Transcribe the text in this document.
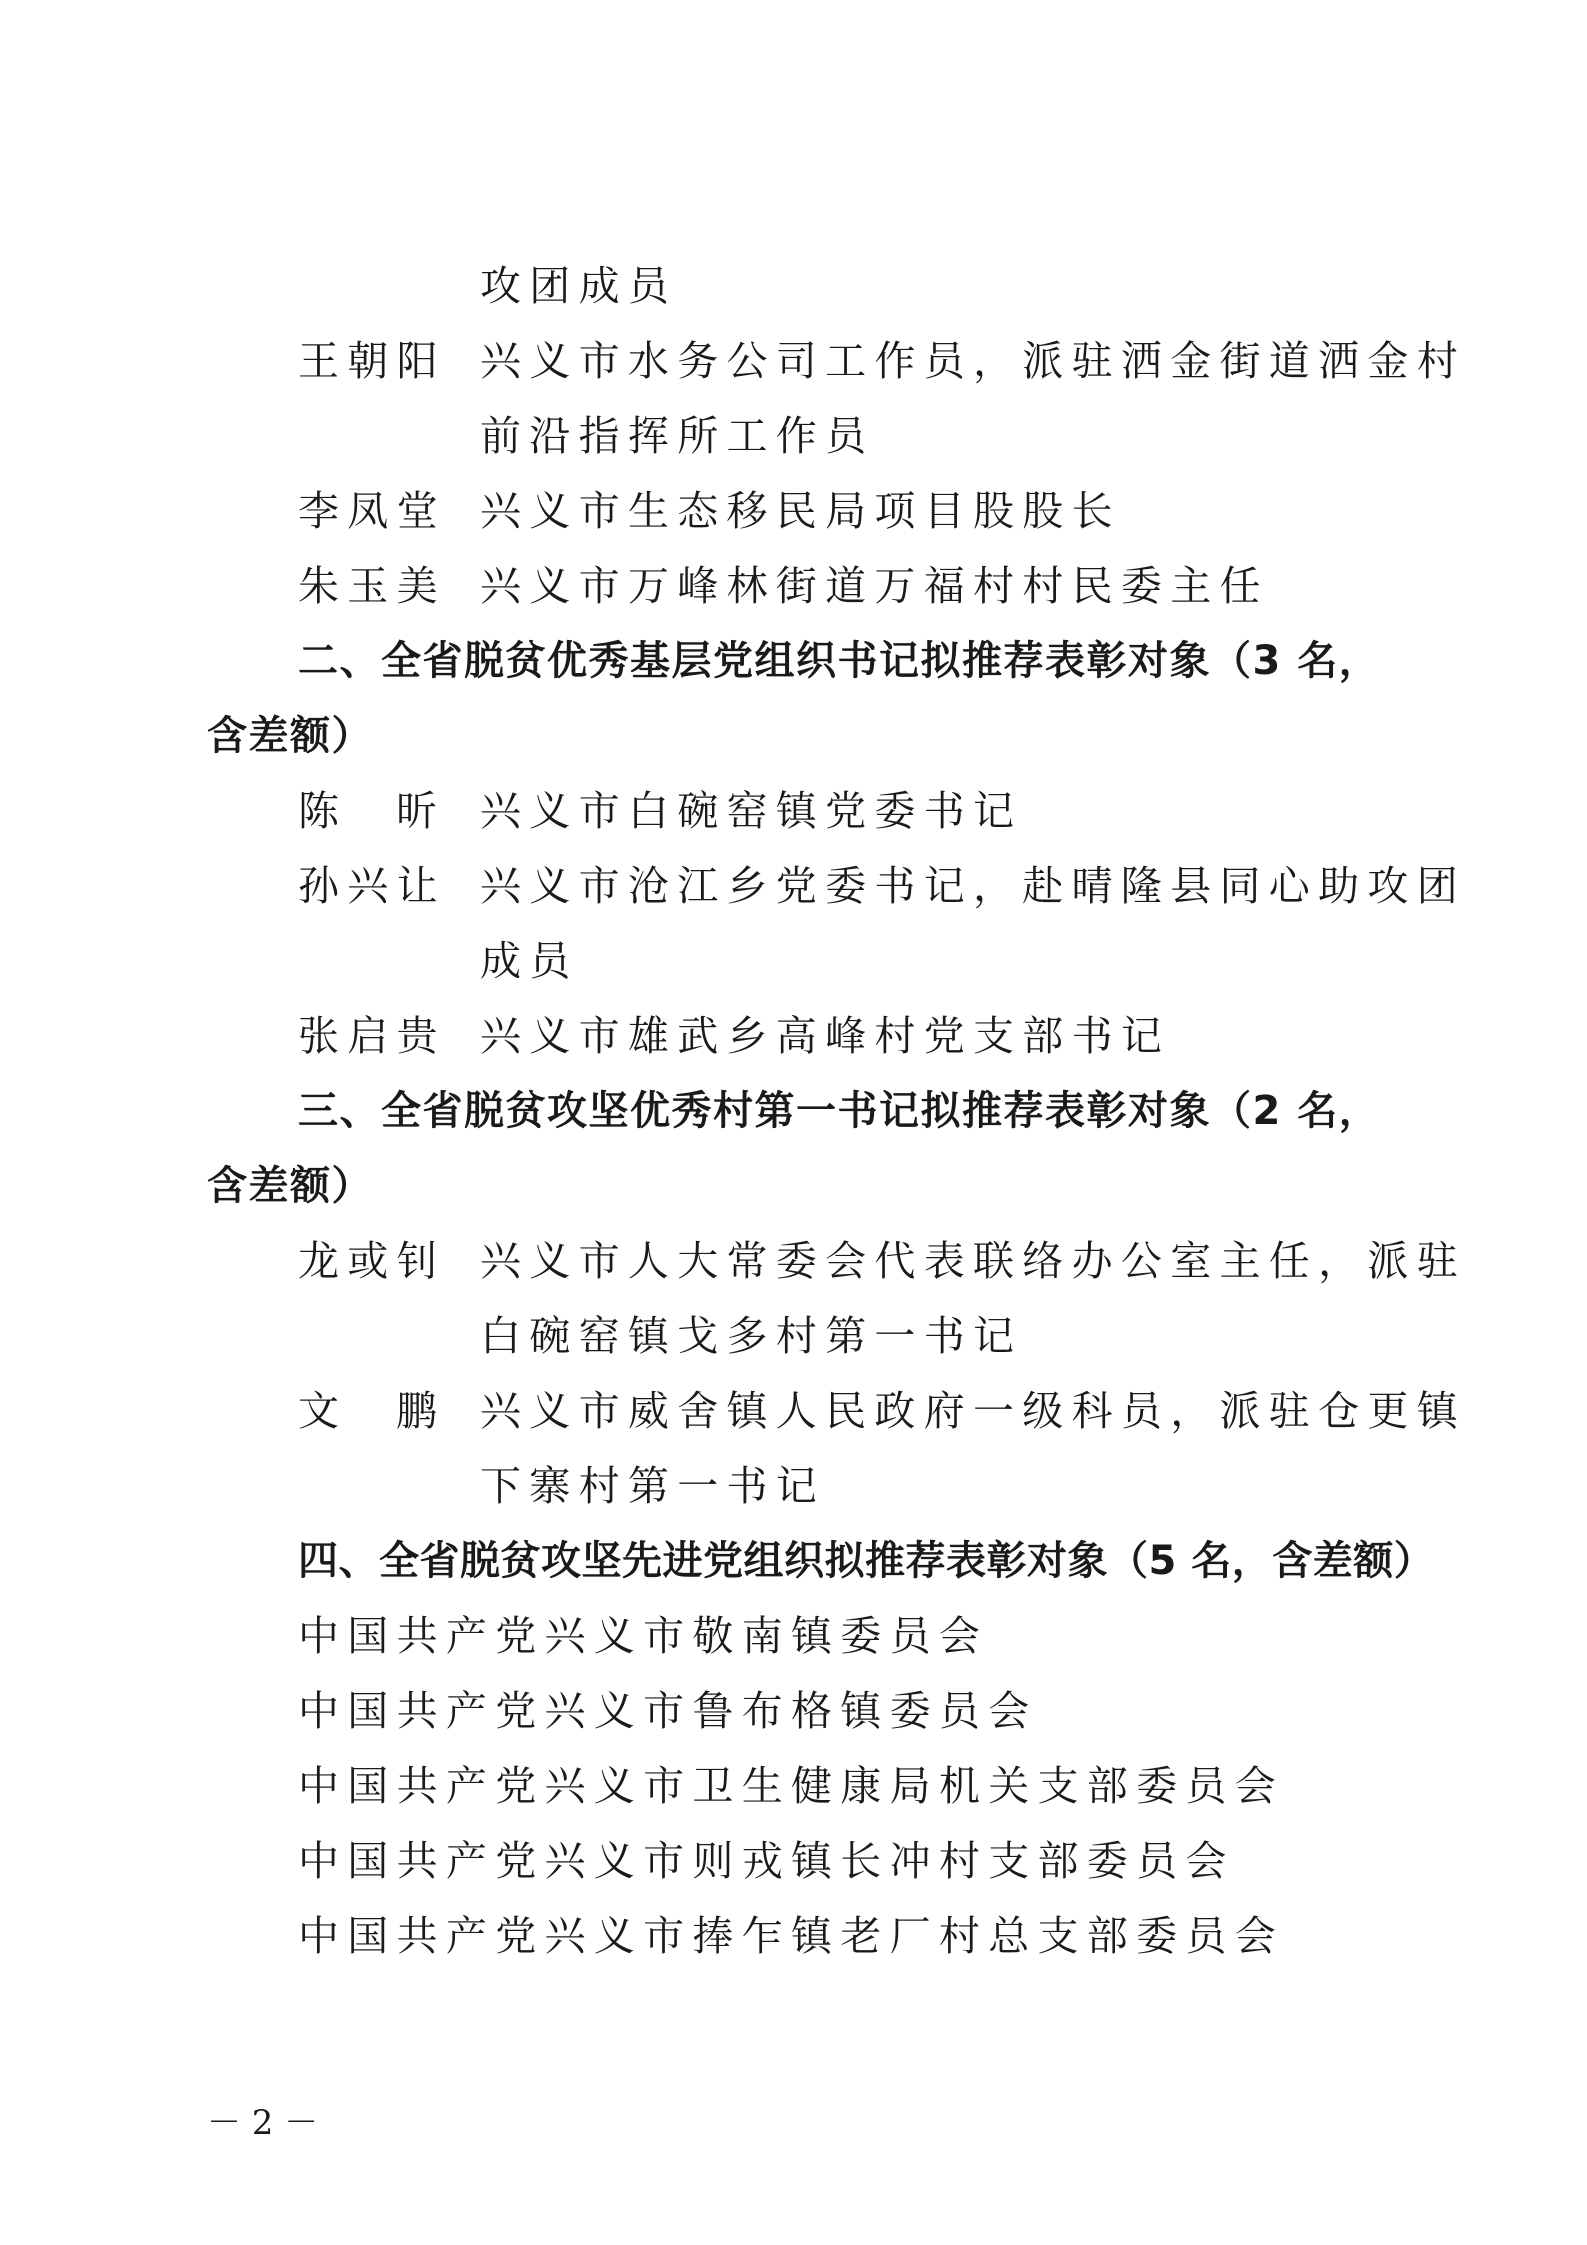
攻团成员
王朝阳 兴义市水务公司工作员，派驻洒金街道洒金村
前沿指挥所工作员
李凤堂 兴义市生态移民局项目股股长
朱玉美 兴义市万峰林街道万福村村民委主任
二、全省脱贫优秀基层党组织书记拟推荐表彰对象（3 名，
含差额）
陈 昕 兴义市白碗窑镇党委书记
孙兴让 兴义市沧江乡党委书记，赴晴隆县同心助攻团
成员
张启贵 兴义市雄武乡高峰村党支部书记
三、全省脱贫攻坚优秀村第一书记拟推荐表彰对象（2 名，
含差额）
龙或钊 兴义市人大常委会代表联络办公室主任，派驻
白碗窑镇戈多村第一书记
文 鹏 兴义市威舍镇人民政府一级科员，派驻仓更镇
下寨村第一书记
四、全省脱贫攻坚先进党组织拟推荐表彰对象（5 名，含差额）
中国共产党兴义市敬南镇委员会
中国共产党兴义市鲁布格镇委员会
中国共产党兴义市卫生健康局机关支部委员会
中国共产党兴义市则戎镇长冲村支部委员会
中国共产党兴义市捧乍镇老厂村总支部委员会
－ 2 －
